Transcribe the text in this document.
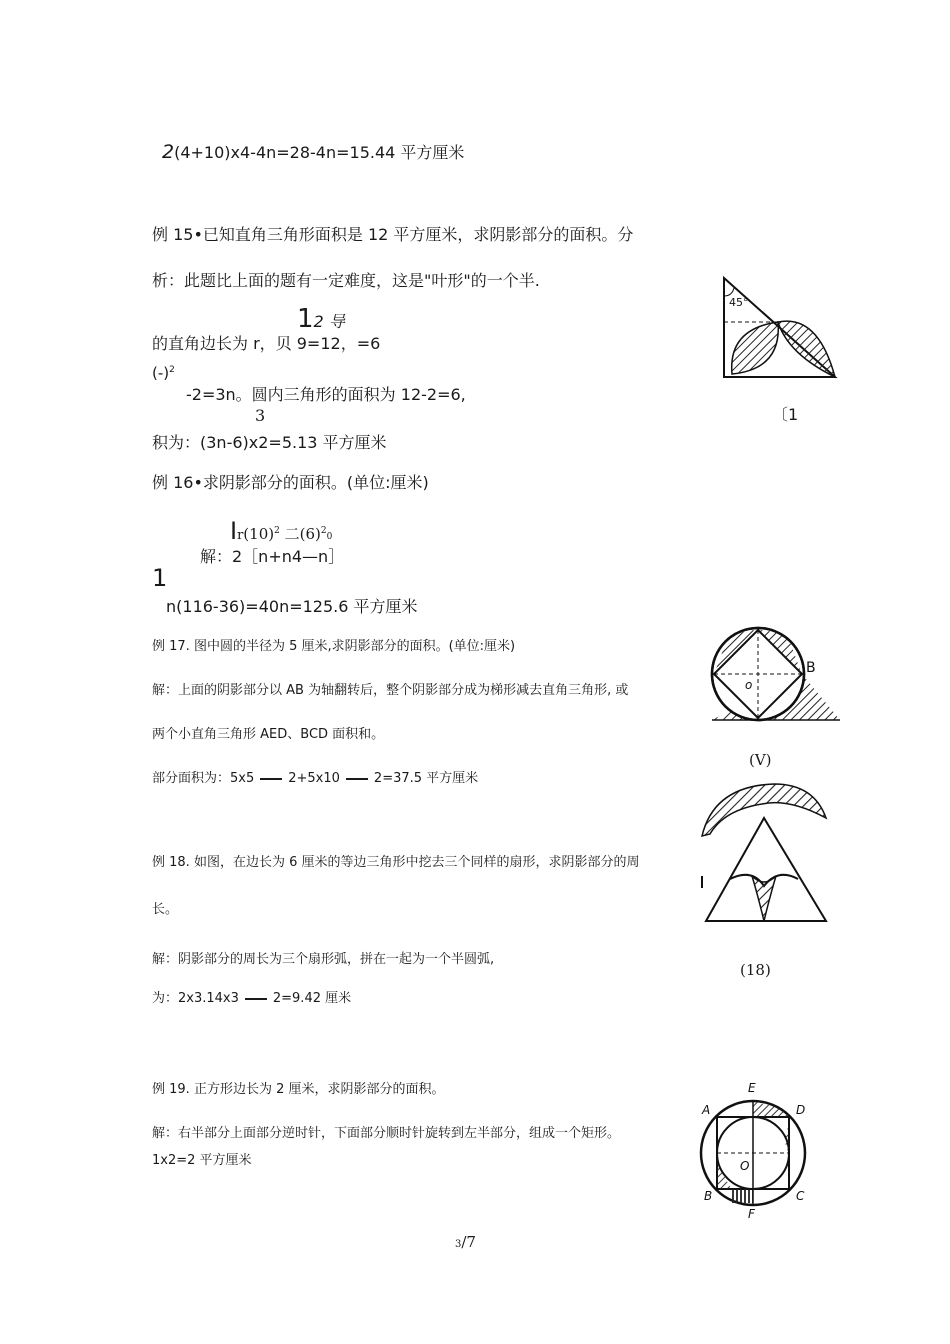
2(4+10)x4-4n=28-4n=15.44 平方厘米
例 15•已知直角三角形面积是 12 平方厘米，求阴影部分的面积。分
析：此题比上面的题有一定难度，这是"叶形"的一个半.
12 导
的直角边长为 r，贝 9=12，=6
$(-)^2$
-2=3n。圆内三角形的面积为 12-2=6,
3
积为：(3n-6)x2=5.13 平方厘米
例 16•求阴影部分的面积。(单位:厘米)
$Ir(10)^2$ 二$(6)^20$
解：2［n+n4—n］
1
n(116-36)=40n=125.6 平方厘米
例 17. 图中圆的半径为 5 厘米,求阴影部分的面积。(单位:厘米)
解：上面的阴影部分以 AB 为轴翻转后，整个阴影部分成为梯形减去直角三角形, 或
两个小直角三角形 AED、BCD 面积和。
部分面积为：5x5	2+5x10	2=37.5 平方厘米
例 18. 如图，在边长为 6 厘米的等边三角形中挖去三个同样的扇形，求阴影部分的周
长。
解：阴影部分的周长为三个扇形弧，拼在一起为一个半圆弧,
为：2x3.14x3	2=9.42 厘米
例 19. 正方形边长为 2 厘米，求阴影部分的面积。
解：右半部分上面部分逆时针，下面部分顺时针旋转到左半部分，组成一个矩形。
1x2=2 平方厘米
3/7
45°
〔1
o
B
(V)
(18)
E
A	D
O
B	C
F
